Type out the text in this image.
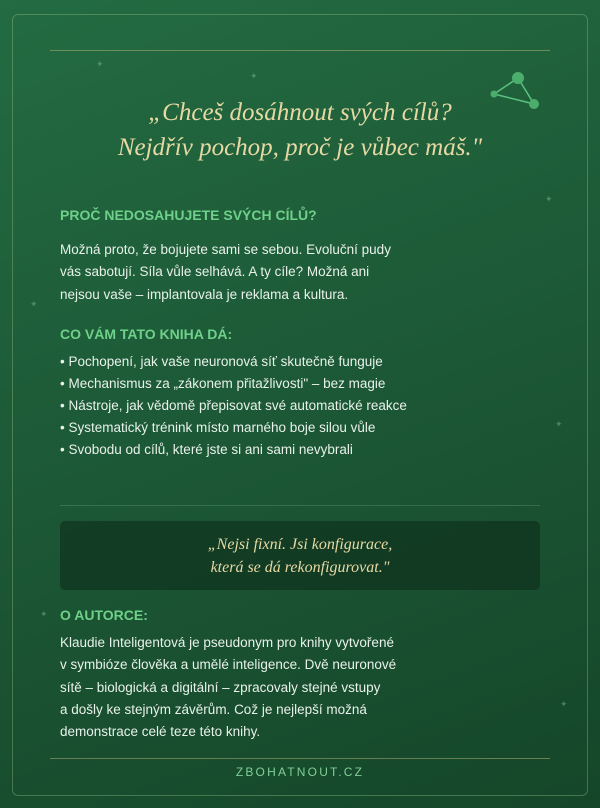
✦
✦
✦
✦
✦
✦
✦
„Chceš dosáhnout svých cílů?
Nejdřív pochop, proč je vůbec máš."
PROČ NEDOSAHUJETE SVÝCH CÍLŮ?
Možná proto, že bojujete sami se sebou. Evoluční pudy
vás sabotují. Síla vůle selhává. A ty cíle? Možná ani
nejsou vaše – implantovala je reklama a kultura.
CO VÁM TATO KNIHA DÁ:
• Pochopení, jak vaše neuronová síť skutečně funguje
• Mechanismus za „zákonem přitažlivosti" – bez magie
• Nástroje, jak vědomě přepisovat své automatické reakce
• Systematický trénink místo marného boje silou vůle
• Svobodu od cílů, které jste si ani sami nevybrali
„Nejsi fixní. Jsi konfigurace,
která se dá rekonfigurovat."
O AUTORCE:
Klaudie Inteligentová je pseudonym pro knihy vytvořené
v symbióze člověka a umělé inteligence. Dvě neuronové
sítě – biologická a digitální – zpracovaly stejné vstupy
a došly ke stejným závěrům. Což je nejlepší možná
demonstrace celé teze této knihy.
ZBOHATNOUT.CZ
